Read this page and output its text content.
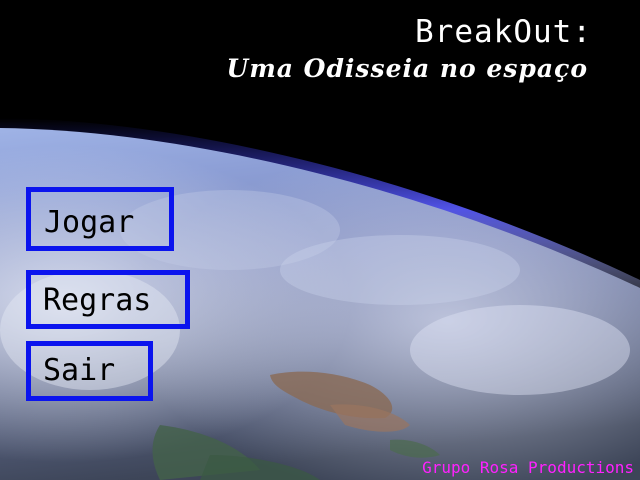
BreakOut:
Uma Odisseia no espaço
Jogar
Regras
Sair
Grupo Rosa Productions
